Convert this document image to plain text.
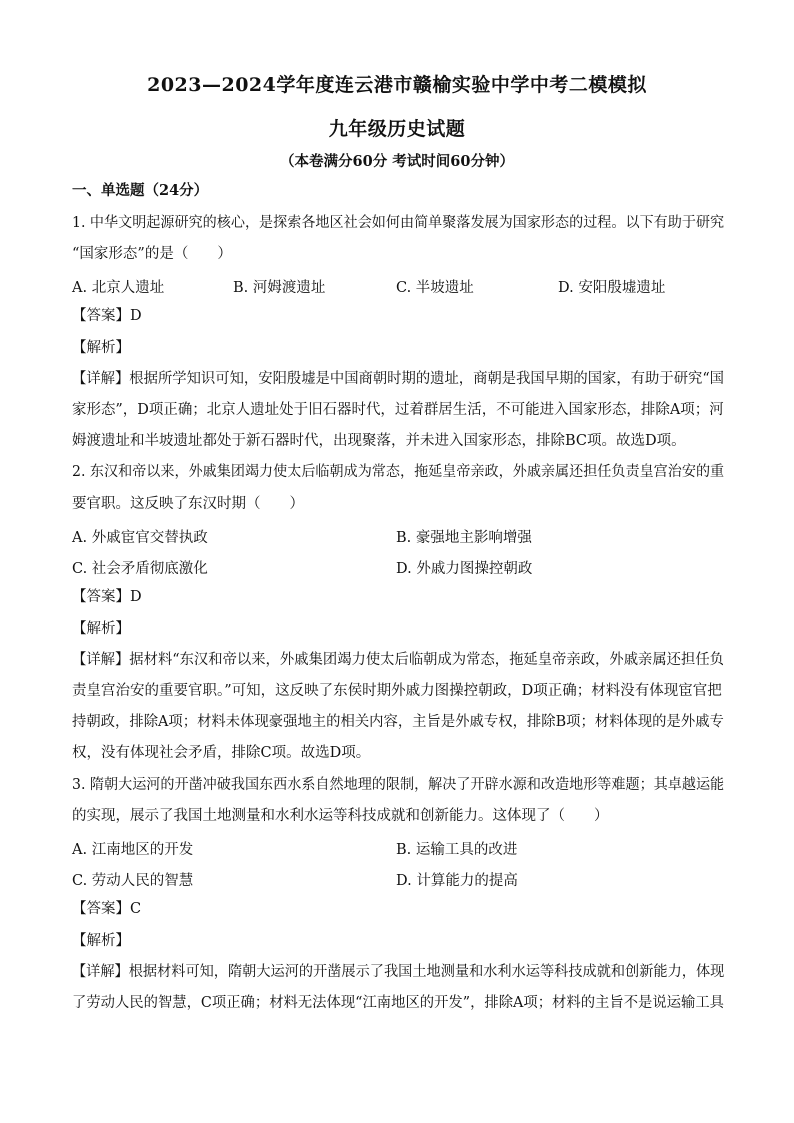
2023—2024学年度连云港市赣榆实验中学中考二模模拟
九年级历史试题
（本卷满分60分 考试时间60分钟）
一、单选题（24分）
1. 中华文明起源研究的核心，是探索各地区社会如何由简单聚落发展为国家形态的过程。以下有助于研究
“国家形态”的是（　　）
A. 北京人遗址	B. 河姆渡遗址	C. 半坡遗址	D. 安阳殷墟遗址
【答案】D
【解析】
【详解】根据所学知识可知，安阳殷墟是中国商朝时期的遗址，商朝是我国早期的国家，有助于研究“国
家形态”，D项正确；北京人遗址处于旧石器时代，过着群居生活，不可能进入国家形态，排除A项；河
姆渡遗址和半坡遗址都处于新石器时代，出现聚落，并未进入国家形态，排除BC项。故选D项。
2. 东汉和帝以来，外戚集团竭力使太后临朝成为常态，拖延皇帝亲政，外戚亲属还担任负责皇宫治安的重
要官职。这反映了东汉时期（　　）
A. 外戚宦官交替执政	B. 豪强地主影响增强
C. 社会矛盾彻底激化	D. 外戚力图操控朝政
【答案】D
【解析】
【详解】据材料“东汉和帝以来，外戚集团竭力使太后临朝成为常态，拖延皇帝亲政，外戚亲属还担任负
责皇宫治安的重要官职。”可知，这反映了东侯时期外戚力图操控朝政，D项正确；材料没有体现宦官把
持朝政，排除A项；材料未体现豪强地主的相关内容，主旨是外戚专权，排除B项；材料体现的是外戚专
权，没有体现社会矛盾，排除C项。故选D项。
3. 隋朝大运河的开凿冲破我国东西水系自然地理的限制，解决了开辟水源和改造地形等难题；其卓越运能
的实现，展示了我国土地测量和水利水运等科技成就和创新能力。这体现了（　　）
A. 江南地区的开发	B. 运输工具的改进
C. 劳动人民的智慧	D. 计算能力的提高
【答案】C
【解析】
【详解】根据材料可知，隋朝大运河的开凿展示了我国土地测量和水利水运等科技成就和创新能力，体现
了劳动人民的智慧，C项正确；材料无法体现“江南地区的开发”，排除A项；材料的主旨不是说运输工具
